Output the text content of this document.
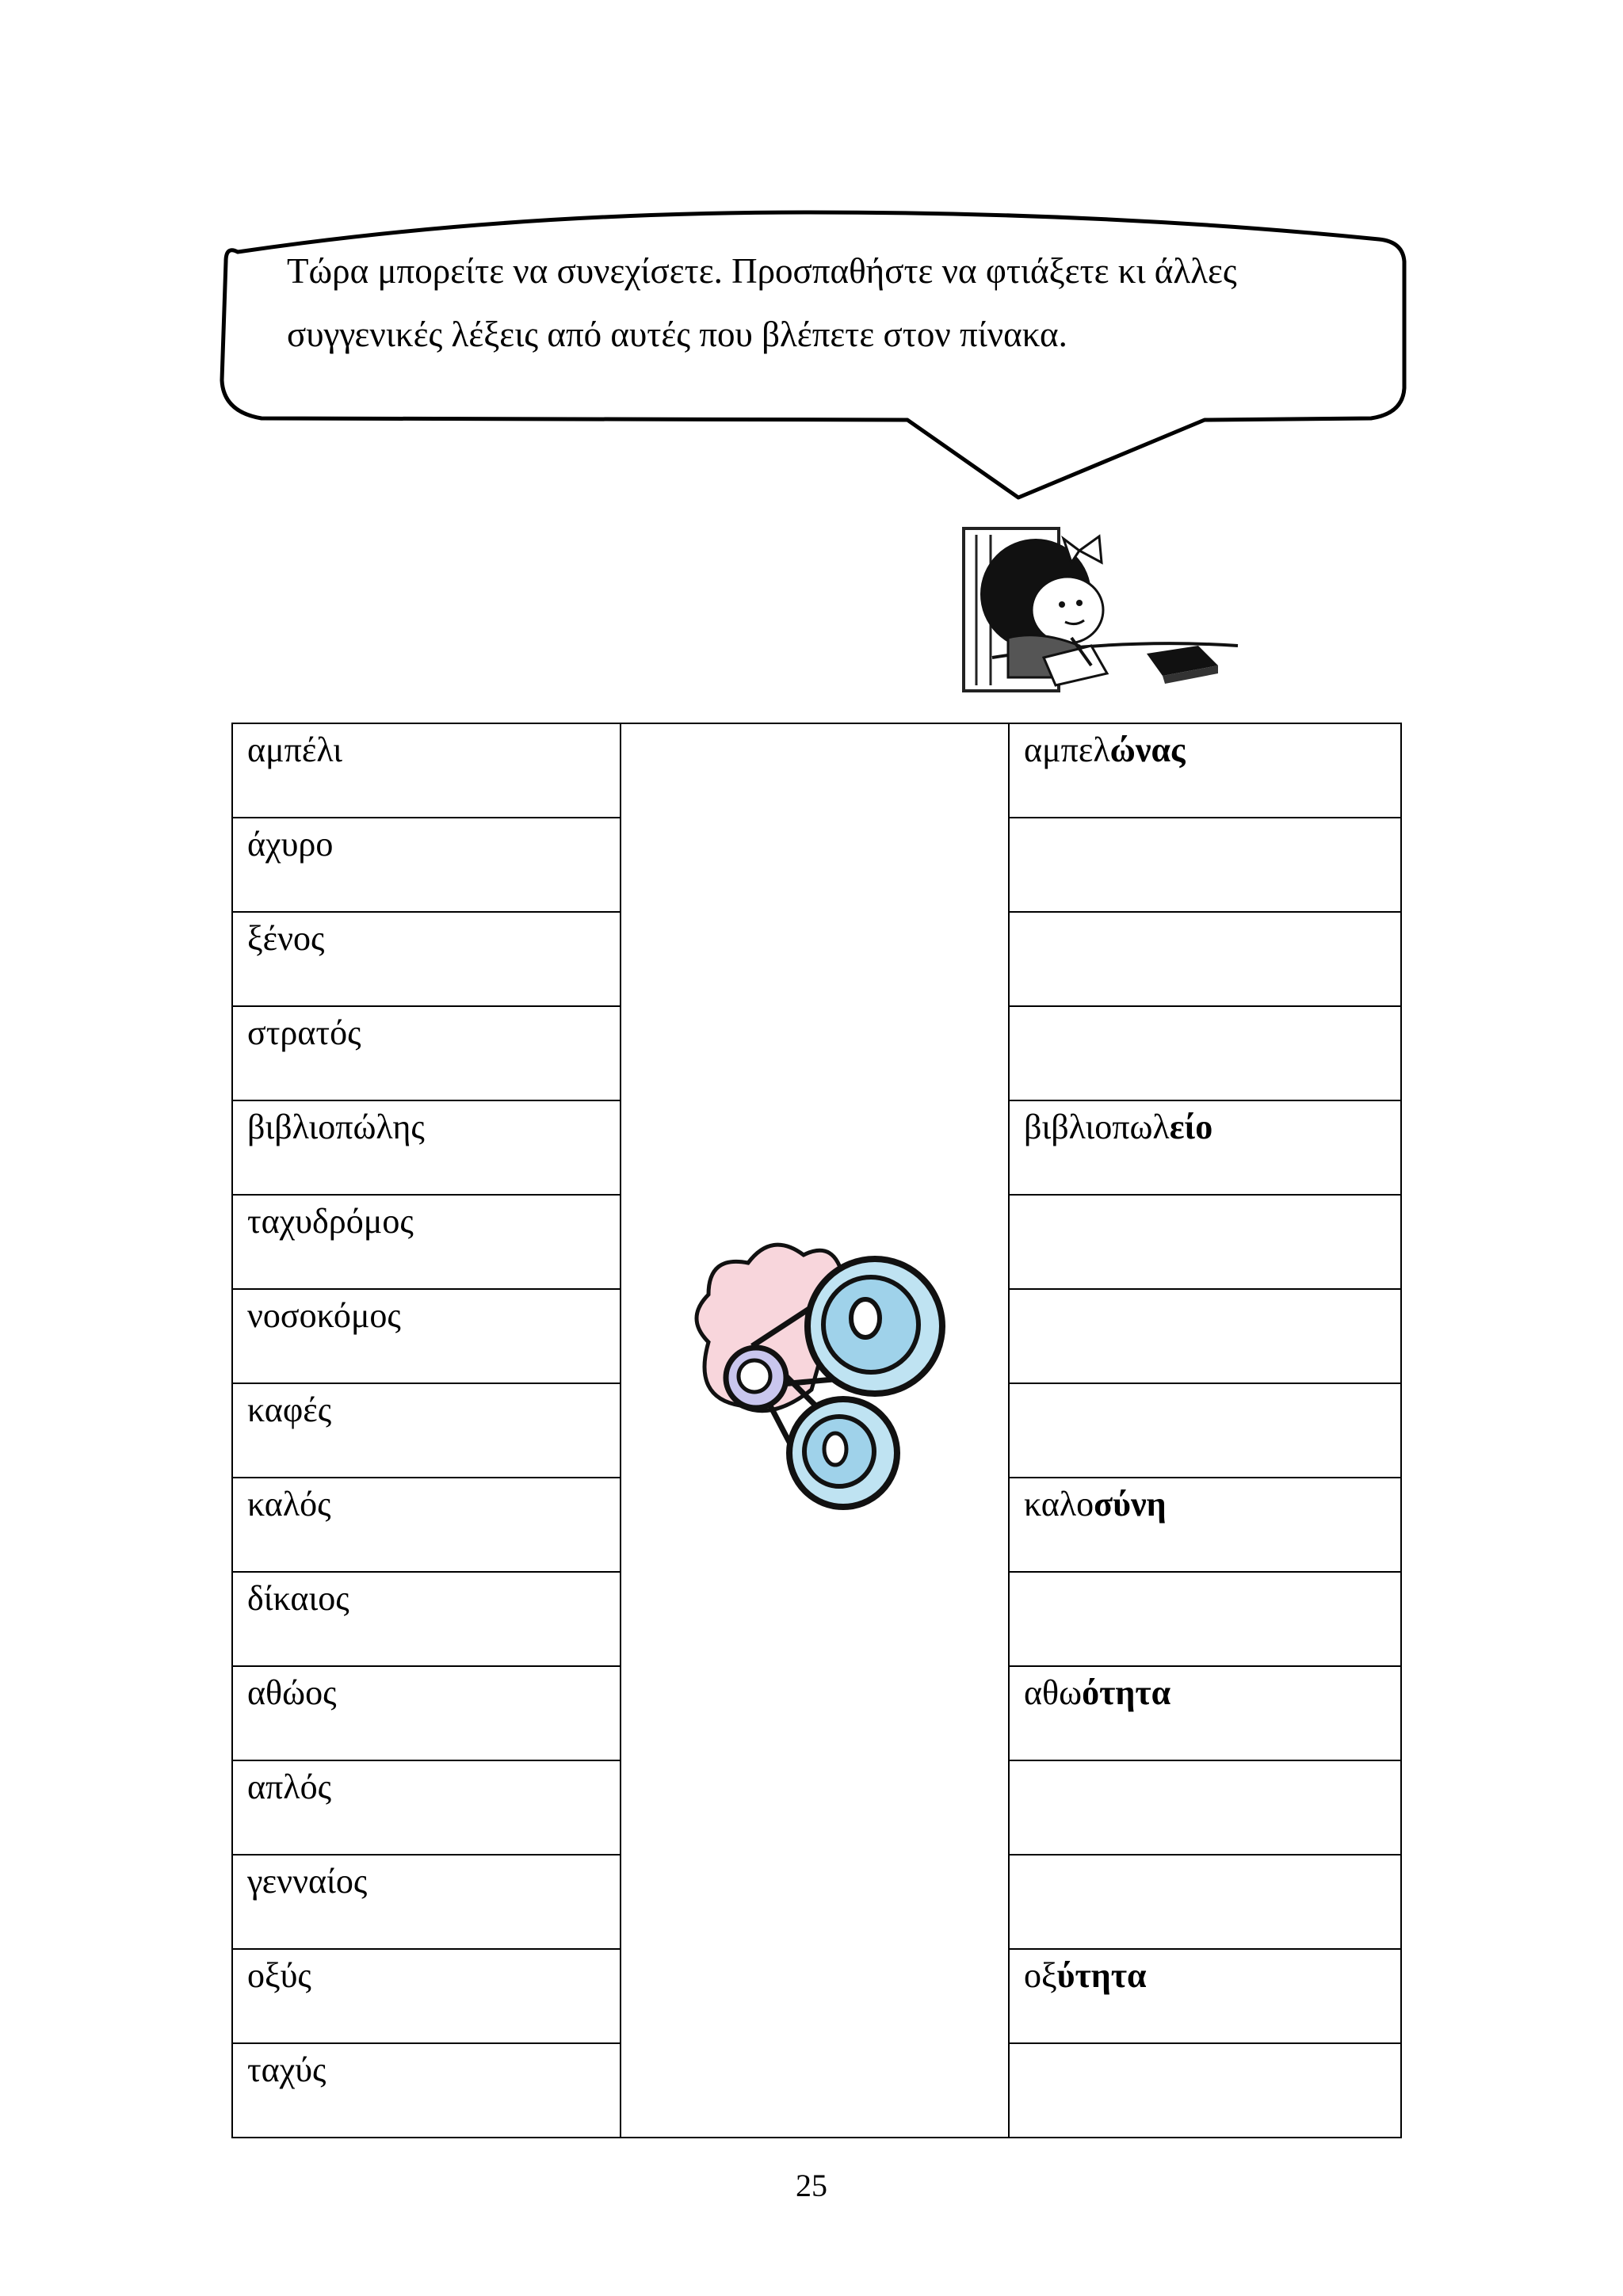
Τώρα μπορείτε να συνεχίσετε. Προσπαθήστε να φτιάξετε κι άλλες
συγγενικές λέξεις από αυτές που βλέπετε στον πίνακα.
αμπέλι		αμπελώνας
άχυρο		
ξένος		
στρατός		
βιβλιοπώλης		βιβλιοπωλείο
ταχυδρόμος		
νοσοκόμος		
καφές		
καλός		καλοσύνη
δίκαιος		
αθώος		αθωότητα
απλός		
γενναίος		
οξύς		οξύτητα
ταχύς		
25
